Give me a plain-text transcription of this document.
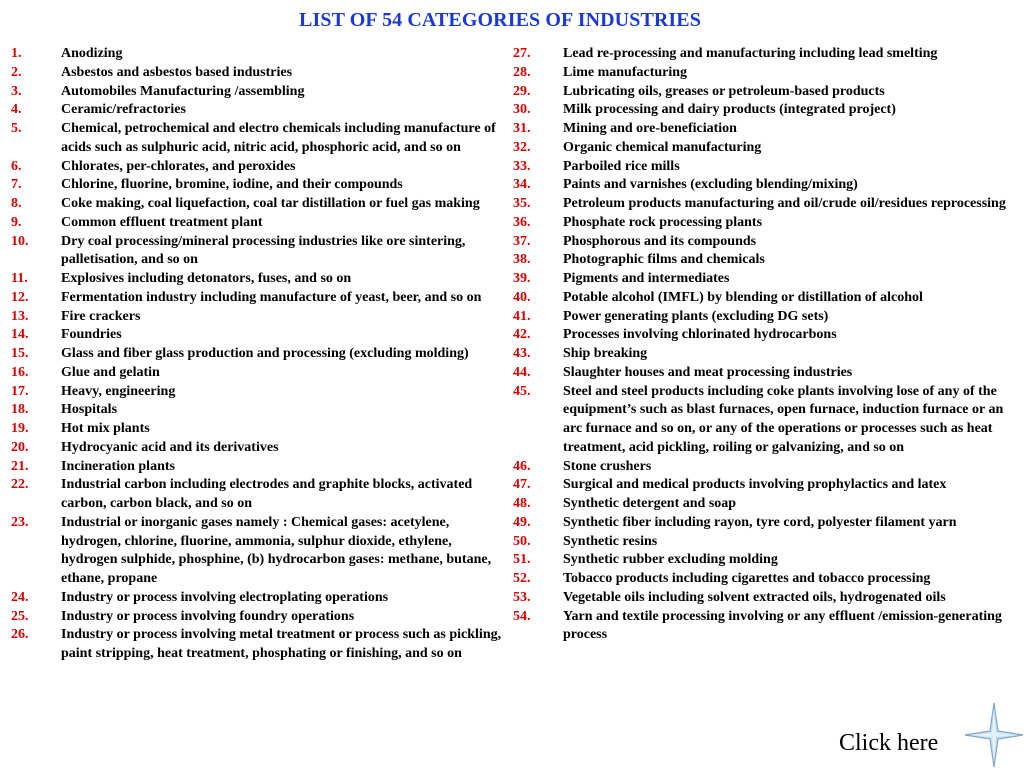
LIST OF 54 CATEGORIES OF INDUSTRIES
1.	Anodizing
2.	Asbestos and asbestos based industries
3.	Automobiles Manufacturing /assembling
4.	Ceramic/refractories
5.	Chemical, petrochemical and electro chemicals including manufacture of acids such as sulphuric acid, nitric acid, phosphoric acid, and so on
6.	Chlorates, per-chlorates, and peroxides
7.	Chlorine, fluorine, bromine, iodine, and their compounds
8.	Coke making, coal liquefaction, coal tar distillation or fuel gas making
9.	Common effluent treatment plant
10.	Dry coal processing/mineral processing industries like ore sintering, palletisation, and so on
11.	Explosives including detonators, fuses, and so on
12.	Fermentation industry including manufacture of yeast, beer, and so on
13.	Fire crackers
14.	Foundries
15.	Glass and fiber glass production and processing (excluding molding)
16.	Glue and gelatin
17.	Heavy, engineering
18.	Hospitals
19.	Hot mix plants
20.	Hydrocyanic acid and its derivatives
21.	Incineration plants
22.	Industrial carbon including electrodes and graphite blocks, activated carbon, carbon black, and so on
23.	Industrial or inorganic gases namely : Chemical gases: acetylene, hydrogen, chlorine, fluorine, ammonia, sulphur dioxide, ethylene, hydrogen sulphide, phosphine, (b) hydrocarbon gases: methane, butane, ethane, propane
24.	Industry or process involving electroplating operations
25.	Industry or process involving foundry operations
26.	Industry or process involving metal treatment or process such as pickling, paint stripping, heat treatment, phosphating or finishing, and so on
27.	Lead re-processing and manufacturing including lead smelting
28.	Lime manufacturing
29.	Lubricating oils, greases or petroleum-based products
30.	Milk processing and dairy products (integrated project)
31.	Mining and ore-beneficiation
32.	Organic chemical manufacturing
33.	Parboiled rice mills
34.	Paints and varnishes (excluding blending/mixing)
35.	Petroleum products manufacturing and oil/crude oil/residues reprocessing
36.	Phosphate rock processing plants
37.	Phosphorous and its compounds
38.	Photographic films and chemicals
39.	Pigments and intermediates
40.	Potable alcohol (IMFL) by blending or distillation of alcohol
41.	Power generating plants (excluding DG sets)
42.	Processes involving chlorinated hydrocarbons
43.	Ship breaking
44.	Slaughter houses and meat processing industries
45.	Steel and steel products including coke plants involving lose of any of the equipment’s such as blast furnaces, open furnace, induction furnace or an arc furnace and so on, or any of the operations or processes such as heat treatment, acid pickling, roiling or galvanizing, and so on
46.	Stone crushers
47.	Surgical and medical products involving prophylactics and latex
48.	Synthetic detergent and soap
49.	Synthetic fiber including rayon, tyre cord, polyester filament yarn
50.	Synthetic resins
51.	Synthetic rubber excluding molding
52.	Tobacco products including cigarettes and tobacco processing
53.	Vegetable oils including solvent extracted oils, hydrogenated oils
54.	Yarn and textile processing involving or any effluent /emission-generating process
Click here
